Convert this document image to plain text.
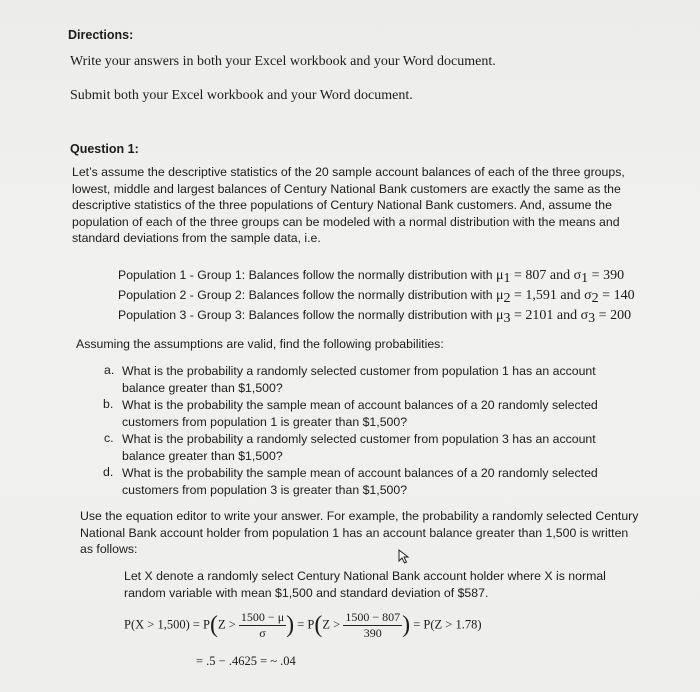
Directions:
Write your answers in both your Excel workbook and your Word document.
Submit both your Excel workbook and your Word document.
Question 1:
Let’s assume the descriptive statistics of the 20 sample account balances of each of the three groups, lowest, middle and largest balances of Century National Bank customers are exactly the same as the descriptive statistics of the three populations of Century National Bank customers. And, assume the population of each of the three groups can be modeled with a normal distribution with the means and standard deviations from the sample data, i.e.
Population 1 - Group 1: Balances follow the normally distribution with μ1 = 807 and σ1 = 390
Population 2 - Group 2: Balances follow the normally distribution with μ2 = 1,591 and σ2 = 140
Population 3 - Group 3: Balances follow the normally distribution with μ3 = 2101 and σ3 = 200
Assuming the assumptions are valid, find the following probabilities:
a. What is the probability a randomly selected customer from population 1 has an account balance greater than $1,500?
b. What is the probability the sample mean of account balances of a 20 randomly selected customers from population 1 is greater than $1,500?
c. What is the probability a randomly selected customer from population 3 has an account balance greater than $1,500?
d. What is the probability the sample mean of account balances of a 20 randomly selected customers from population 3 is greater than $1,500?
Use the equation editor to write your answer. For example, the probability a randomly selected Century National Bank account holder from population 1 has an account balance greater than 1,500 is written as follows:
Let X denote a randomly select Century National Bank account holder where X is normal random variable with mean $1,500 and standard deviation of $587.
$P(X > 1,500) = P(Z > \frac{1500 - \mu}{\sigma}$ ) = $P(Z > \frac{1500 - 807}{390}$ ) = P(Z > 1.78)
= .5 − .4625 = ~ .04
